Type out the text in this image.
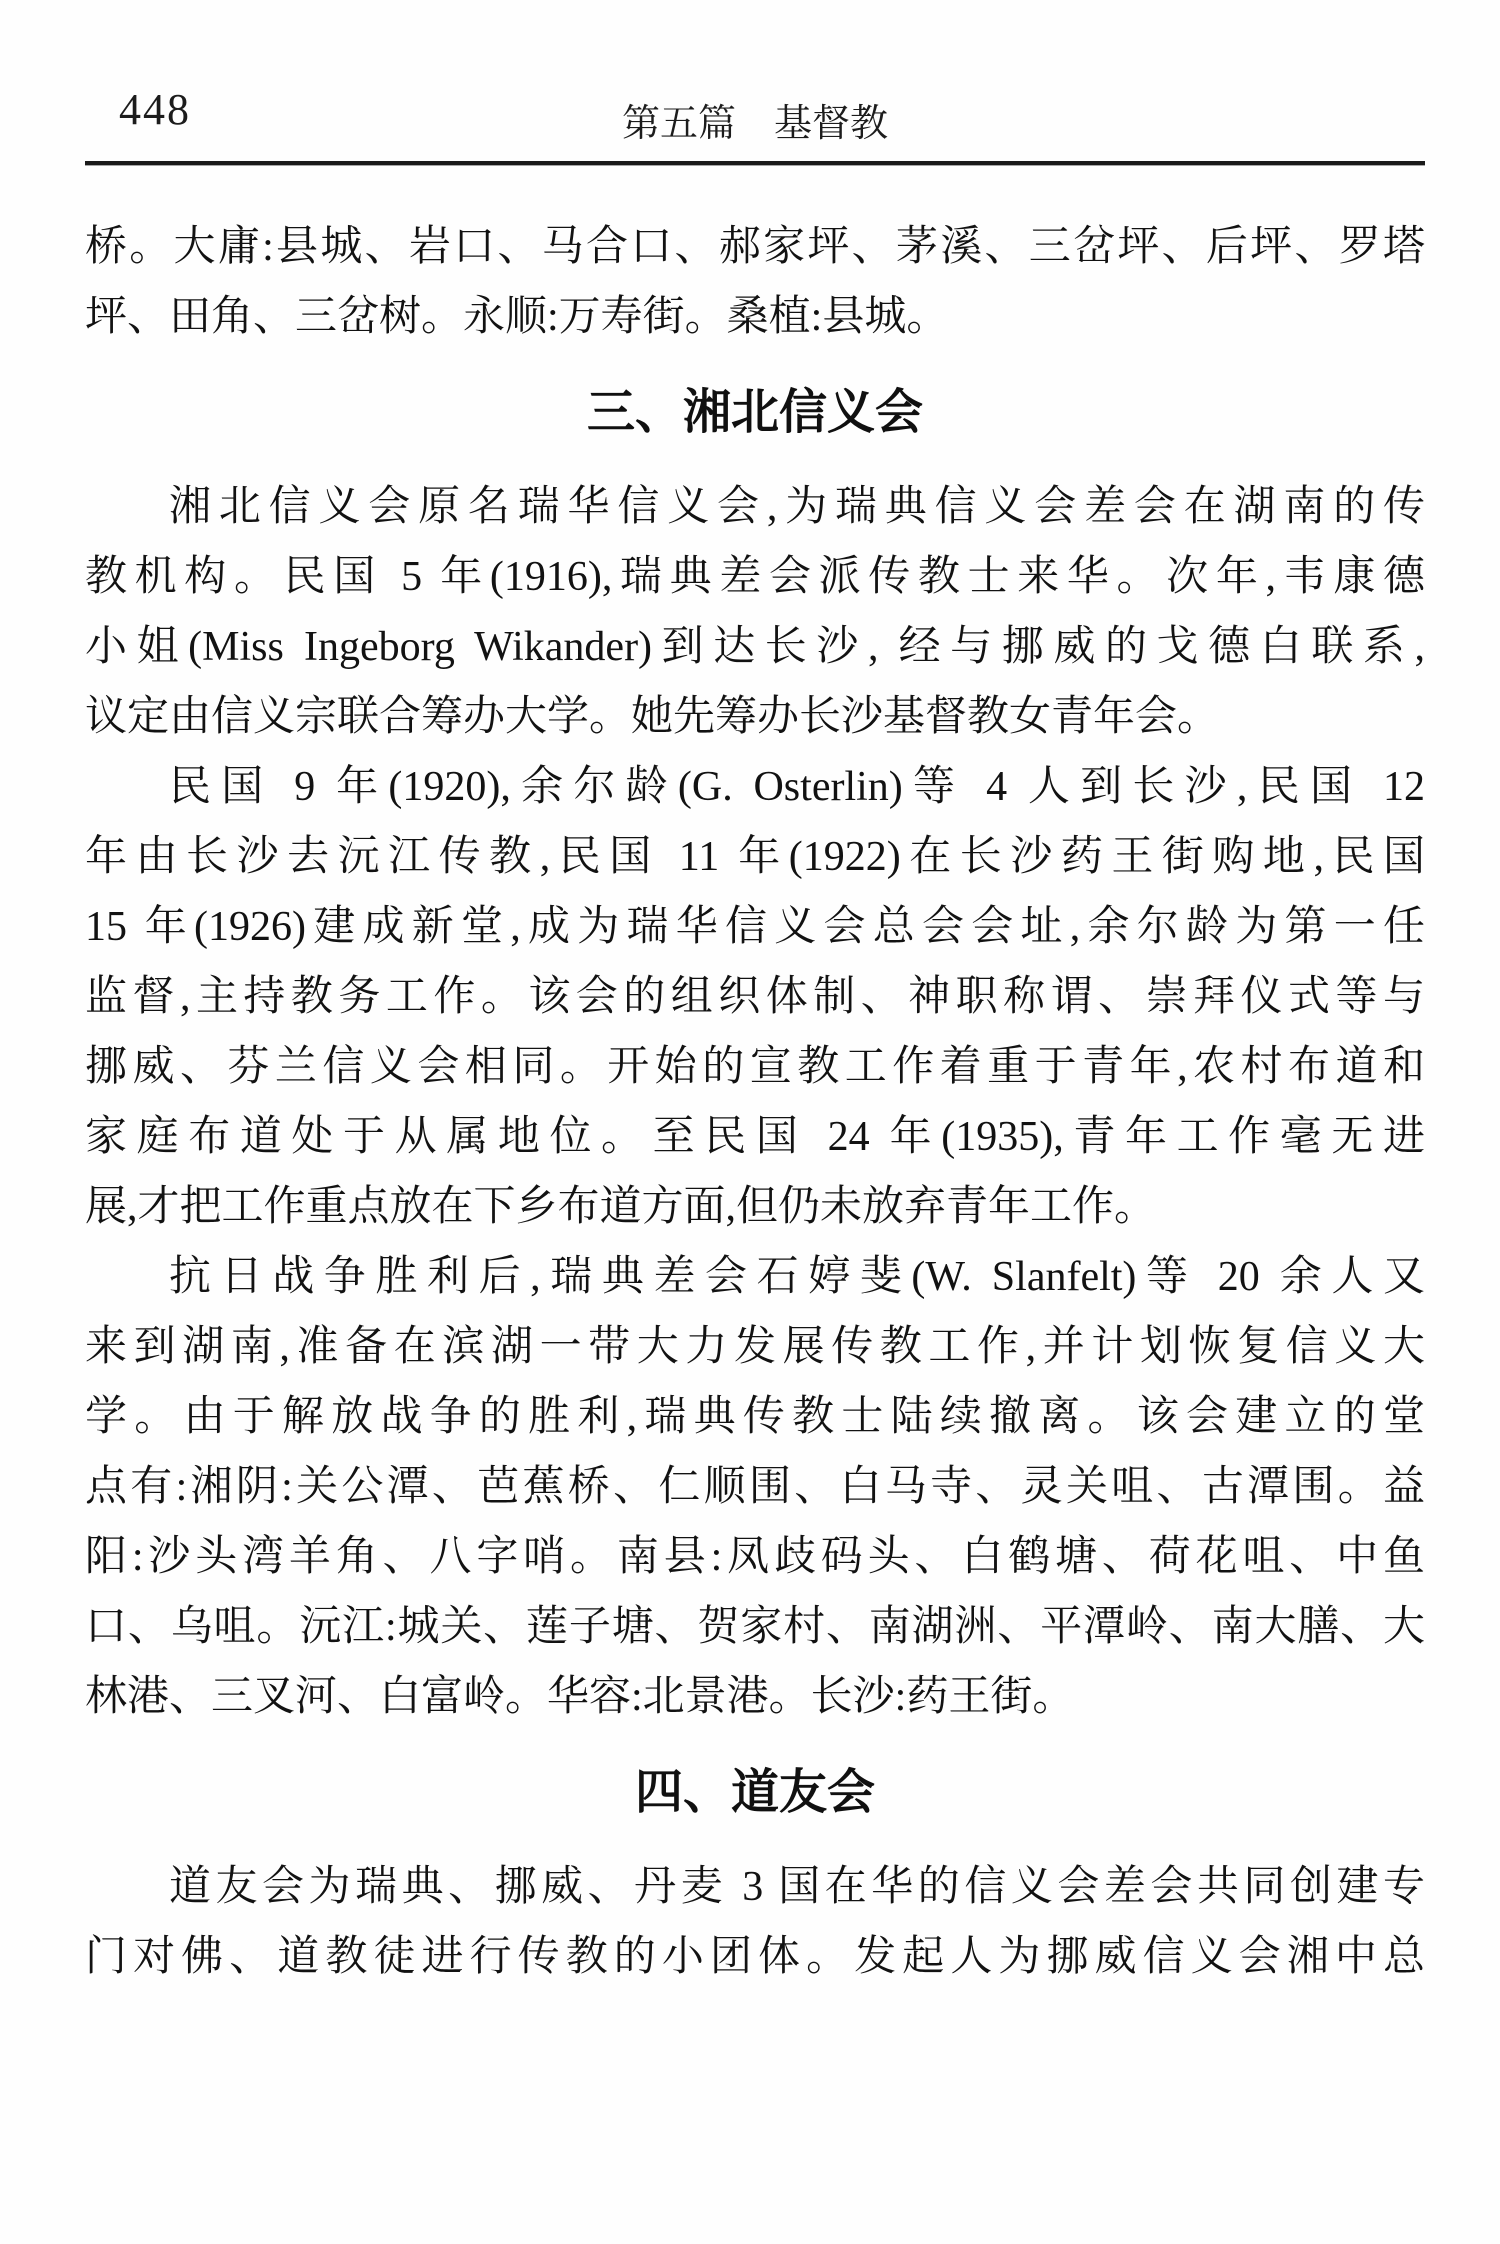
448	第五篇　基督教
桥。大庸:县城、岩口、马合口、郝家坪、茅溪、三岔坪、后坪、罗塔
坪、田角、三岔树。永顺:万寿街。桑植:县城。
三、湘北信义会
湘北信义会原名瑞华信义会,为瑞典信义会差会在湖南的传
教机构。民国 5 年(1916),瑞典差会派传教士来华。次年,韦康德
小姐(Miss Ingeborg Wikander)到达长沙, 经与挪威的戈德白联系,
议定由信义宗联合筹办大学。她先筹办长沙基督教女青年会。
民国 9 年(1920),余尔龄(G. Osterlin)等 4 人到长沙,民国 12
年由长沙去沅江传教,民国 11 年(1922)在长沙药王街购地,民国
15 年(1926)建成新堂,成为瑞华信义会总会会址,余尔龄为第一任
监督,主持教务工作。该会的组织体制、神职称谓、崇拜仪式等与
挪威、芬兰信义会相同。开始的宣教工作着重于青年,农村布道和
家庭布道处于从属地位。至民国 24 年(1935),青年工作毫无进
展,才把工作重点放在下乡布道方面,但仍未放弃青年工作。
抗日战争胜利后,瑞典差会石婷斐(W. Slanfelt)等 20 余人又
来到湖南,准备在滨湖一带大力发展传教工作,并计划恢复信义大
学。由于解放战争的胜利,瑞典传教士陆续撤离。该会建立的堂
点有:湘阴:关公潭、芭蕉桥、仁顺围、白马寺、灵关咀、古潭围。益
阳:沙头湾羊角、八字哨。南县:凤歧码头、白鹤塘、荷花咀、中鱼
口、乌咀。沅江:城关、莲子塘、贺家村、南湖洲、平潭岭、南大膳、大
林港、三叉河、白富岭。华容:北景港。长沙:药王街。
四、道友会
道友会为瑞典、挪威、丹麦 3 国在华的信义会差会共同创建专
门对佛、道教徒进行传教的小团体。发起人为挪威信义会湘中总
